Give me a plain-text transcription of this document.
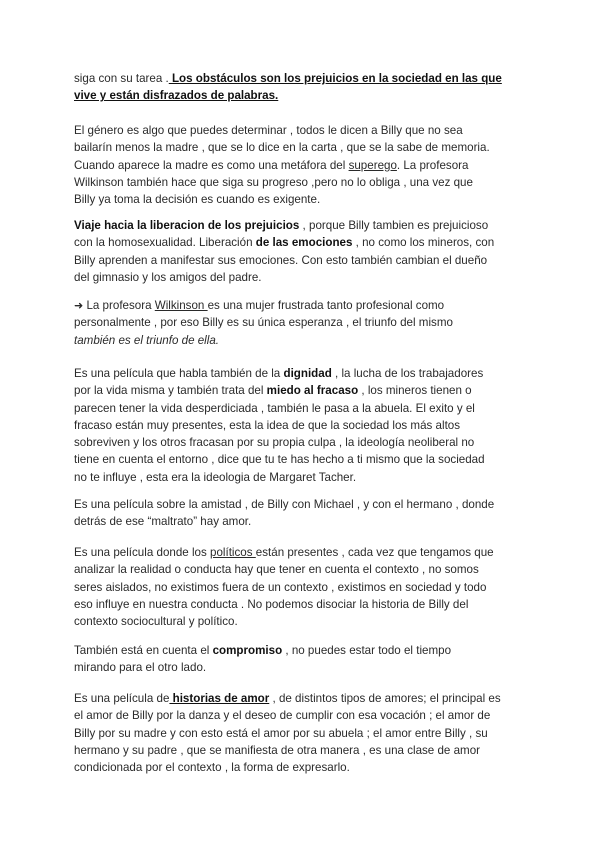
siga con su tarea . Los obstáculos son los prejuicios en la sociedad en las que
vive y están disfrazados de palabras.

El género es algo que puedes determinar , todos le dicen a Billy que no sea
bailarín menos la madre , que se lo dice en la carta , que se la sabe de memoria.
Cuando aparece la madre es como una metáfora del superego. La profesora
Wilkinson también hace que siga su progreso ,pero no lo obliga , una vez que
Billy ya toma la decisión es cuando es exigente.

Viaje hacia la liberacion de los prejuicios , porque Billy tambien es prejuicioso
con la homosexualidad. Liberación de las emociones , no como los mineros, con
Billy aprenden a manifestar sus emociones. Con esto también cambian el dueño
del gimnasio y los amigos del padre.

➜ La profesora Wilkinson es una mujer frustrada tanto profesional como
personalmente , por eso Billy es su única esperanza , el triunfo del mismo
también es el triunfo de ella.

Es una película que habla también de la dignidad , la lucha de los trabajadores
por la vida misma y también trata del miedo al fracaso , los mineros tienen o
parecen tener la vida desperdiciada , también le pasa a la abuela. El exito y el
fracaso están muy presentes, esta la idea de que la sociedad los más altos
sobreviven y los otros fracasan por su propia culpa , la ideología neoliberal no
tiene en cuenta el entorno , dice que tu te has hecho a ti mismo que la sociedad
no te influye , esta era la ideologia de Margaret Tacher.

Es una película sobre la amistad , de Billy con Michael , y con el hermano , donde
detrás de ese “maltrato” hay amor.

Es una película donde los políticos están presentes , cada vez que tengamos que
analizar la realidad o conducta hay que tener en cuenta el contexto , no somos
seres aislados, no existimos fuera de un contexto , existimos en sociedad y todo
eso influye en nuestra conducta . No podemos disociar la historia de Billy del
contexto sociocultural y político.

También está en cuenta el compromiso , no puedes estar todo el tiempo
mirando para el otro lado.

Es una película de historias de amor , de distintos tipos de amores; el principal es
el amor de Billy por la danza y el deseo de cumplir con esa vocación ; el amor de
Billy por su madre y con esto está el amor por su abuela ; el amor entre Billy , su
hermano y su padre , que se manifiesta de otra manera , es una clase de amor
condicionada por el contexto , la forma de expresarlo.
